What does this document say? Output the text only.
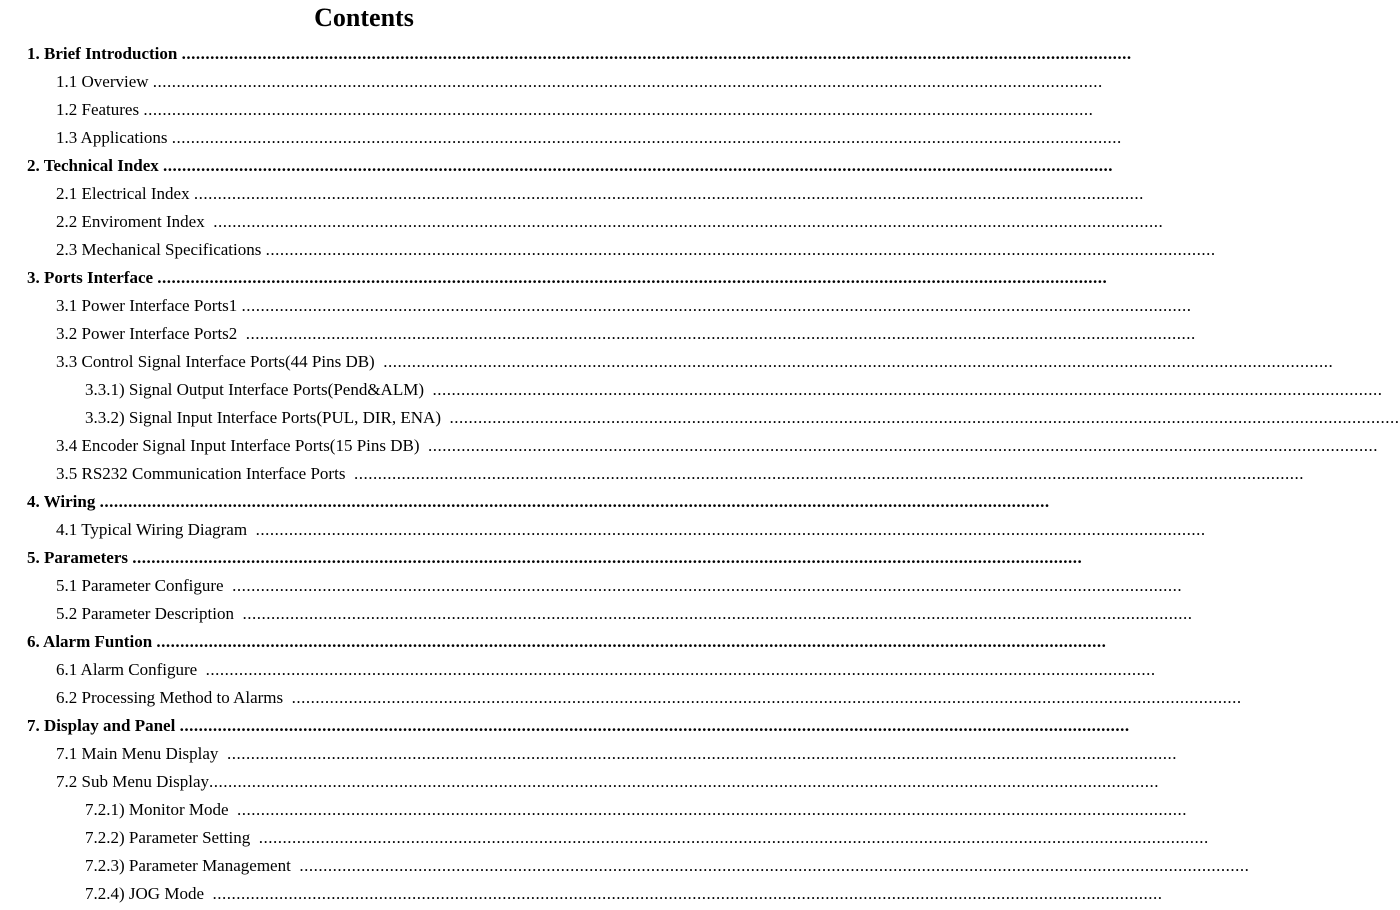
Contents
1. Brief Introduction ........................................................................................................................................................................................................
1.1 Overview ........................................................................................................................................................................................................
1.2 Features ........................................................................................................................................................................................................
1.3 Applications ........................................................................................................................................................................................................
2. Technical Index ........................................................................................................................................................................................................
2.1 Electrical Index ........................................................................................................................................................................................................
2.2 Enviroment Index ........................................................................................................................................................................................................
2.3 Mechanical Specifications ........................................................................................................................................................................................................
3. Ports Interface ........................................................................................................................................................................................................
3.1 Power Interface Ports1 ........................................................................................................................................................................................................
3.2 Power Interface Ports2 ........................................................................................................................................................................................................
3.3 Control Signal Interface Ports(44 Pins DB) ........................................................................................................................................................................................................
3.3.1) Signal Output Interface Ports(Pend&ALM) ........................................................................................................................................................................................................
3.3.2) Signal Input Interface Ports(PUL, DIR, ENA) ........................................................................................................................................................................................................
3.4 Encoder Signal Input Interface Ports(15 Pins DB) ........................................................................................................................................................................................................
3.5 RS232 Communication Interface Ports ........................................................................................................................................................................................................
4. Wiring ........................................................................................................................................................................................................
4.1 Typical Wiring Diagram ........................................................................................................................................................................................................
5. Parameters ........................................................................................................................................................................................................
5.1 Parameter Configure ........................................................................................................................................................................................................
5.2 Parameter Description ........................................................................................................................................................................................................
6. Alarm Funtion ........................................................................................................................................................................................................
6.1 Alarm Configure ........................................................................................................................................................................................................
6.2 Processing Method to Alarms ........................................................................................................................................................................................................
7. Display and Panel ........................................................................................................................................................................................................
7.1 Main Menu Display ........................................................................................................................................................................................................
7.2 Sub Menu Display........................................................................................................................................................................................................
7.2.1) Monitor Mode ........................................................................................................................................................................................................
7.2.2) Parameter Setting ........................................................................................................................................................................................................
7.2.3) Parameter Management ........................................................................................................................................................................................................
7.2.4) JOG Mode ........................................................................................................................................................................................................
